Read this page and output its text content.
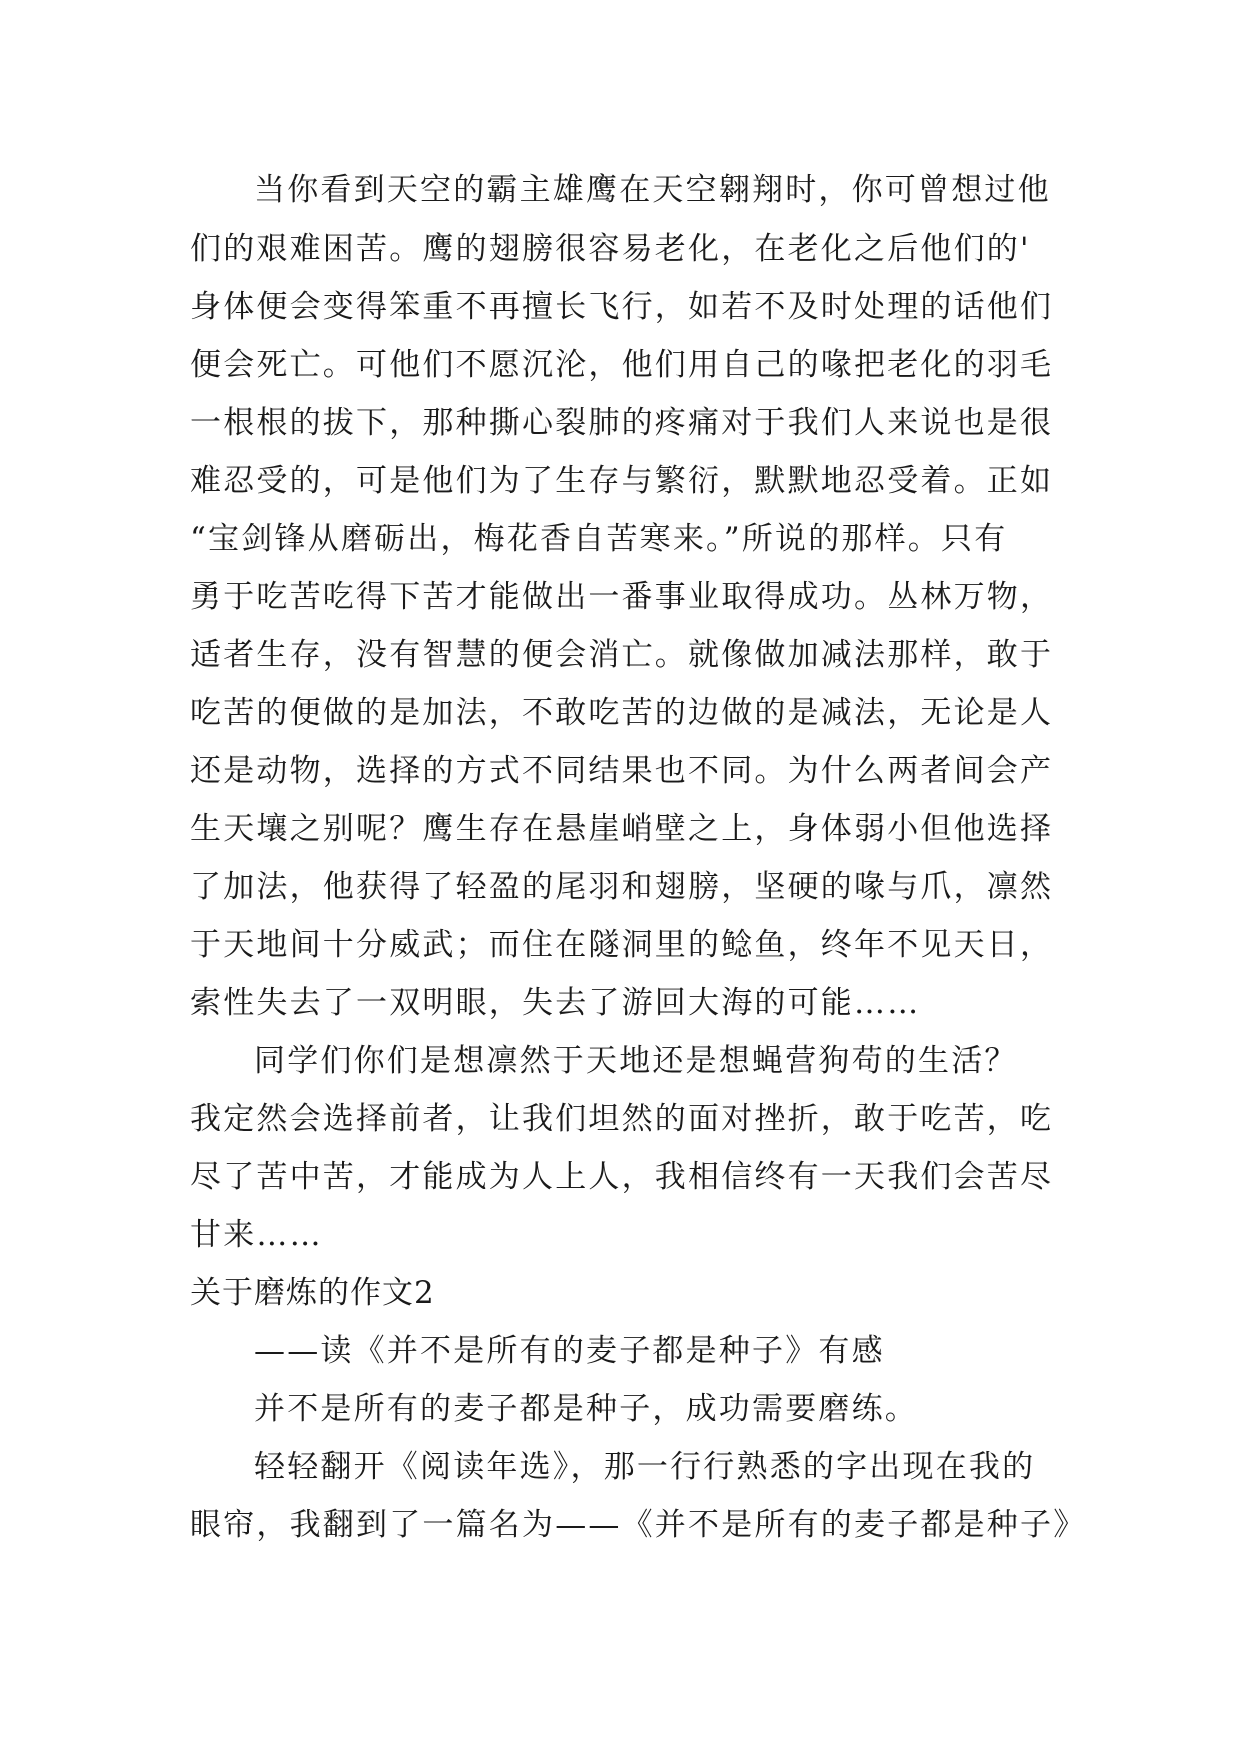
当你看到天空的霸主雄鹰在天空翱翔时，你可曾想过他
们的艰难困苦。鹰的翅膀很容易老化，在老化之后他们的'
身体便会变得笨重不再擅长飞行，如若不及时处理的话他们
便会死亡。可他们不愿沉沦，他们用自己的喙把老化的羽毛
一根根的拔下，那种撕心裂肺的疼痛对于我们人来说也是很
难忍受的，可是他们为了生存与繁衍，默默地忍受着。正如
“宝剑锋从磨砺出，梅花香自苦寒来。”所说的那样。只有
勇于吃苦吃得下苦才能做出一番事业取得成功。丛林万物，
适者生存，没有智慧的便会消亡。就像做加减法那样，敢于
吃苦的便做的是加法，不敢吃苦的边做的是减法，无论是人
还是动物，选择的方式不同结果也不同。为什么两者间会产
生天壤之别呢？鹰生存在悬崖峭壁之上，身体弱小但他选择
了加法，他获得了轻盈的尾羽和翅膀，坚硬的喙与爪，凛然
于天地间十分威武；而住在隧洞里的鲶鱼，终年不见天日，
索性失去了一双明眼，失去了游回大海的可能……
同学们你们是想凛然于天地还是想蝇营狗苟的生活？
我定然会选择前者，让我们坦然的面对挫折，敢于吃苦，吃
尽了苦中苦，才能成为人上人，我相信终有一天我们会苦尽
甘来……
关于磨炼的作文2
——读《并不是所有的麦子都是种子》有感
并不是所有的麦子都是种子，成功需要磨练。
轻轻翻开《阅读年选》，那一行行熟悉的字出现在我的
眼帘，我翻到了一篇名为——《并不是所有的麦子都是种子》
